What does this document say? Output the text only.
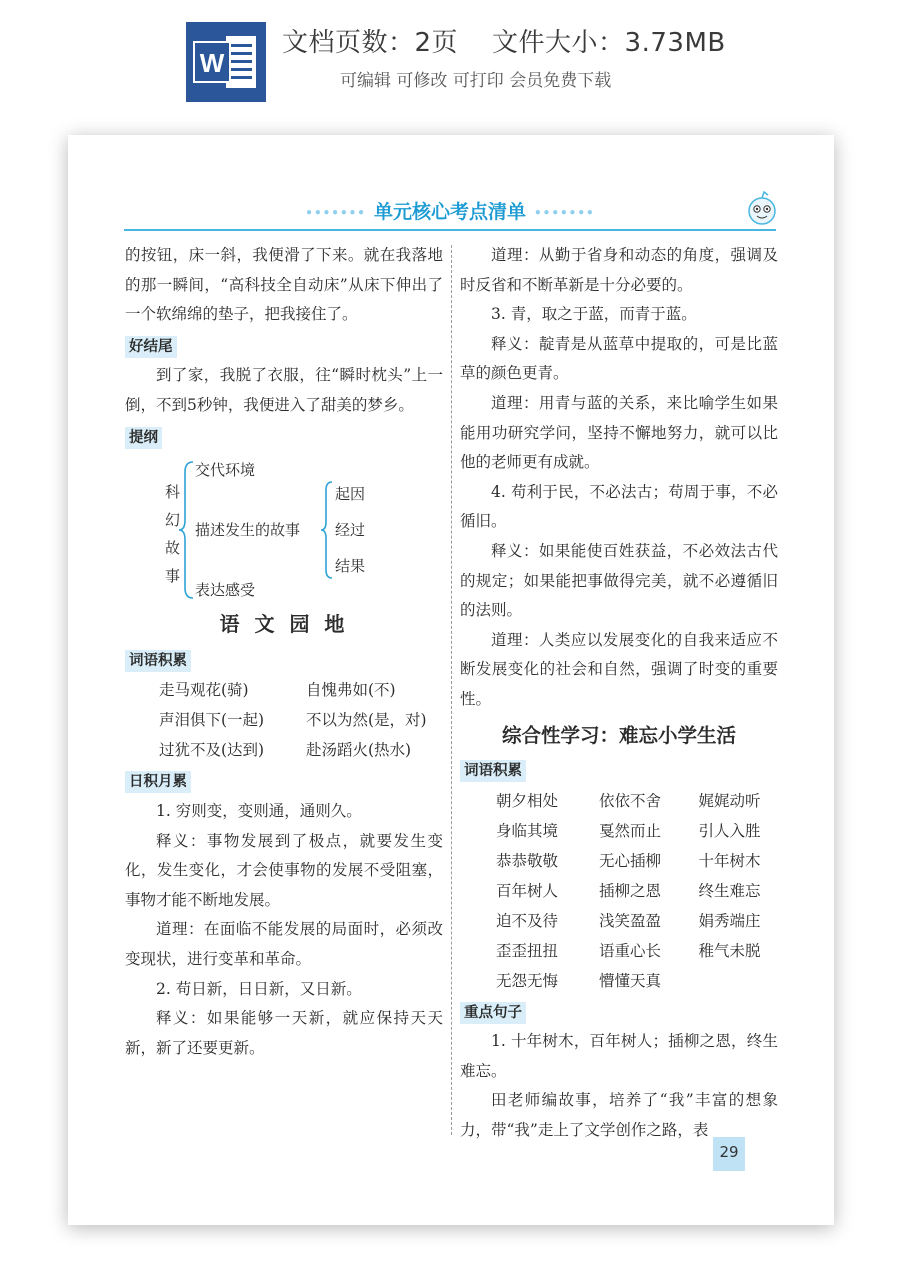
W
文档页数：2页 文件大小：3.73MB
可编辑 可修改 可打印 会员免费下载
••••••• 单元核心考点清单 •••••••

的按钮，床一斜，我便滑了下来。就在我落地的那一瞬间，“高科技全自动床”从床下伸出了一个软绵绵的垫子，把我接住了。

好结尾

到了家，我脱了衣服，往“瞬时枕头”上一倒，不到5秒钟，我便进入了甜美的梦乡。

提纲
科
幻
故
事
交代环境
描述发生的故事
表达感受
起因
经过
结果
语 文 园 地
词语积累
走马观花(骑)	自愧弗如(不)
声泪俱下(一起)	不以为然(是，对)
过犹不及(达到)	赴汤蹈火(热水)
日积月累

1. 穷则变，变则通，通则久。

释义：事物发展到了极点，就要发生变化，发生变化，才会使事物的发展不受阻塞，事物才能不断地发展。

道理：在面临不能发展的局面时，必须改变现状，进行变革和革命。

2. 苟日新，日日新，又日新。

释义：如果能够一天新，就应保持天天新，新了还要更新。

道理：从勤于省身和动态的角度，强调及时反省和不断革新是十分必要的。

3. 青，取之于蓝，而青于蓝。

释义：靛青是从蓝草中提取的，可是比蓝草的颜色更青。

道理：用青与蓝的关系，来比喻学生如果能用功研究学问，坚持不懈地努力，就可以比他的老师更有成就。

4. 苟利于民，不必法古；苟周于事，不必循旧。

释义：如果能使百姓获益，不必效法古代的规定；如果能把事做得完美，就不必遵循旧的法则。

道理：人类应以发展变化的自我来适应不断发展变化的社会和自然，强调了时变的重要性。

综合性学习：难忘小学生活
词语积累
朝夕相处	依依不舍	娓娓动听
身临其境	戛然而止	引人入胜
恭恭敬敬	无心插柳	十年树木
百年树人	插柳之恩	终生难忘
迫不及待	浅笑盈盈	娟秀端庄
歪歪扭扭	语重心长	稚气未脱
无怨无悔	懵懂天真	
重点句子

1. 十年树木，百年树人；插柳之恩，终生难忘。

田老师编故事，培养了“我”丰富的想象力，带“我”走上了文学创作之路，表

29
